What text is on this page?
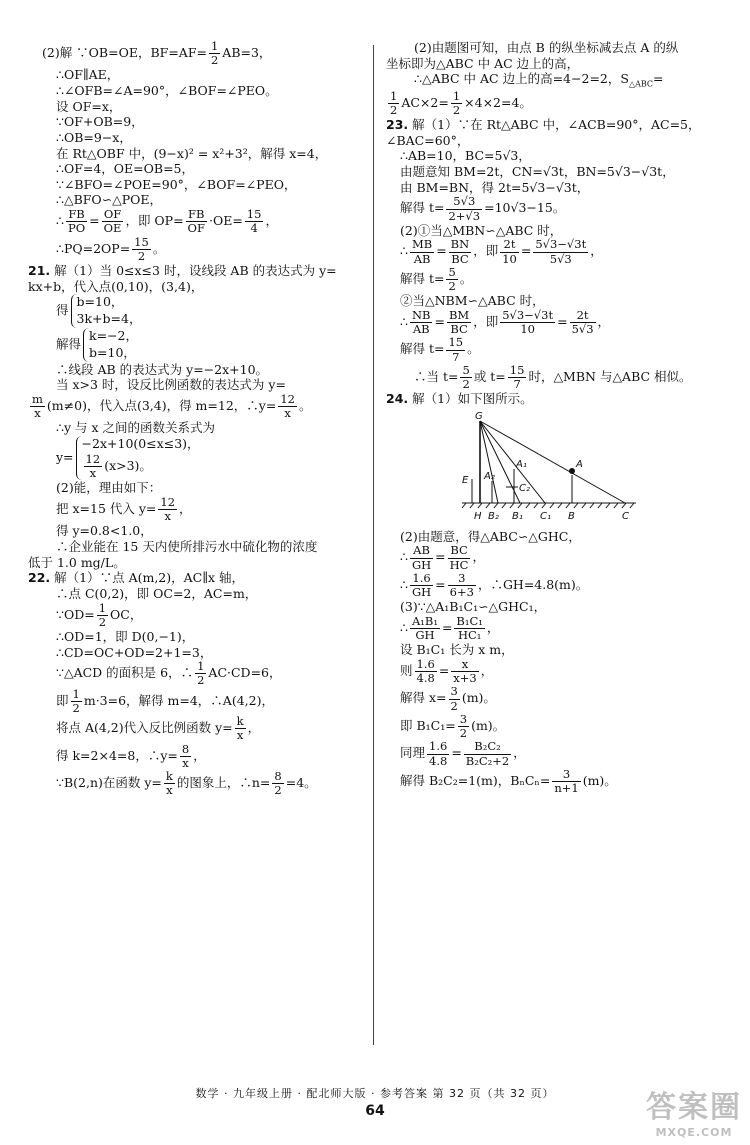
(2)解 ∵OB=OE，$BF=AF= \frac{1}{2} AB=3$，
∴OF∥AE，
∴∠OFB=∠A=90°，∠BOF=∠PEO。
设 OF=x，
∵OF+OB=9，
∴OB=9−x，
在 Rt△OBF 中，(9−x)² = x²+3²，解得 x=4，
∴OF=4，OE=OB=5，
∵∠BFO=∠POE=90°，∠BOF=∠PEO，
∴△BFO∽△POE，
∴ $\frac{FB}{PO} = \frac{OF}{OE}$ ，即 $OP= \frac{FB}{OF} \cdot OE= \frac{15}{4}$ ，
∴PQ=2OP= $\frac{15}{2}$ 。
21. 解（1）当 0≤x≤3 时，设线段 AB 的表达式为 y=
kx+b，代入点(0,10)，(3,4)，
得
b=10，
3k+b=4，
解得
k=−2，
b=10，
∴线段 AB 的表达式为 y=−2x+10。
当 x>3 时，设反比例函数的表达式为 y=
$\frac{m}{x} (m\ne 0)$，代入点(3,4)，得 m=12，∴y= $\frac{12}{x}$ 。
∴y 与 x 之间的函数关系式为
y=
−2x+10(0≤x≤3)，
$\frac{12}{x} (x>3)$。
(2)能，理由如下：
把 x=15 代入 $y= \frac{12}{x}$ ，
得 y=0.8<1.0，
∴企业能在 15 天内使所排污水中硫化物的浓度
低于 1.0 mg/L。
22. 解（1）∵点 A(m,2)，AC∥x 轴，
∴点 C(0,2)，即 OC=2，AC=m，
∵OD= $\frac{1}{2}$ OC，
∴OD=1，即 D(0,−1)，
∴CD=OC+OD=2+1=3，
∵△ACD 的面积是 6，∴ $\frac{1}{2} AC\cdot CD=6$，
即 $\frac{1}{2} m\cdot 3=6$，解得 m=4，∴A(4,2)，
将点 A(4,2)代入反比例函数 $y= \frac{k}{x}$ ，
得 k=2×4=8，∴y= $\frac{8}{x}$ ，
∵B(2,n)在函数 $y= \frac{k}{x}$ 的图象上，∴n= $\frac{8}{2} =4$。
(2)由题图可知，由点 B 的纵坐标减去点 A 的纵
坐标即为△ABC 中 AC 边上的高，
∴△ABC 中 AC 边上的高=4−2=2，$S_{\triangle ABC}=$
$\frac{1}{2} AC\times 2= \frac{1}{2} \times 4\times 2=4$。
23. 解（1）∵在 Rt△ABC 中，∠ACB=90°，AC=5，
∠BAC=60°，
∴AB=10，BC=5√3，
由题意知 BM=2t，CN=√3t，BN=5√3−√3t，
由 BM=BN，得 2t=5√3−√3t，
解得 $t= \frac{5√3}{2+√3} =10√3-15$。
(2)①当△MBN∽△ABC 时，
∴ $\frac{MB}{AB} = \frac{BN}{BC}$ ，即 $\frac{2t}{10} = \frac{5√3-√3t}{5√3}$ ，
解得 $t= \frac{5}{2}$ 。
②当△NBM∽△ABC 时，
∴ $\frac{NB}{AB} = \frac{BM}{BC}$ ，即 $\frac{5√3-√3t}{10} = \frac{2t}{5√3}$ ，
解得 $t= \frac{15}{7}$ 。
∴当 $t= \frac{5}{2}$ 或 $t= \frac{15}{7}$ 时，△MBN 与△ABC 相似。
24. 解（1）如下图所示。
G
E A₂
A₁
C₂
A
H B₂ B₁ C₁ B	C
(2)由题意，得△ABC∽△GHC，
∴ $\frac{AB}{GH} = \frac{BC}{HC}$ ，
∴ $\frac{1.6}{GH} = \frac{3}{6+3}$ ，∴GH=4.8(m)。
(3)∵△A₁B₁C₁∽△GHC₁，
∴ $\frac{\text{A₁B₁}}{GH} = \frac{\text{B₁C₁}}{\text{HC₁}}$ ，
设 B₁C₁ 长为 x m，
则 $\frac{1.6}{4.8} = \frac{x}{x+3}$ ，
解得 $x= \frac{3}{2} (m)$。
即 $B_1C_1= \frac{3}{2} (m)$。
同理 $\frac{1.6}{4.8} = \frac{\text{B₂C₂}}{\text{B₂C₂+2}}$ ，
解得 B₂C₂=1(m)，$B_nC_n= \frac{3}{n+1} (m)$。
数学 · 九年级上册 · 配北师大版 · 参考答案 第 32 页（共 32 页）
64	答案圈
MXQE.COM
